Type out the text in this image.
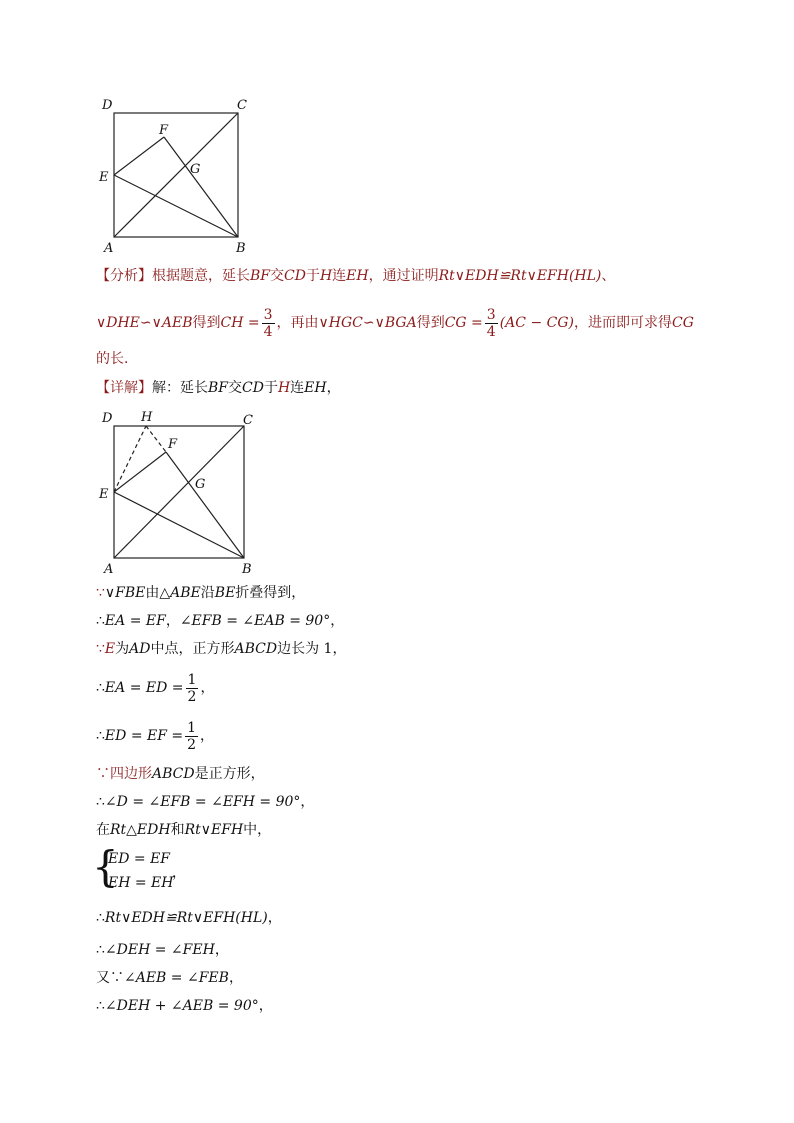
D	C
F
G
E
A	B
【分析】根据题意，延长BF交CD于H连EH，通过证明Rt∨EDH≌Rt∨EFH(HL)、
∨DHE∽∨AEB得到CH = $\frac{3}{4}$ ，再由∨HGC∽∨BGA得到CG = $\frac{3}{4} (AC - CG)$，进而即可求得CG
的长．
【详解】解：延长BF交CD于H连EH，
D H	C
F
G
E
A	B
∵∨FBE由△ABE沿BE折叠得到，
∴EA = EF，∠EFB = ∠EAB = 90°，
∵E为AD中点，正方形ABCD边长为 1，
∴EA = ED = $\frac{1}{2}$ ，
∴ED = EF = $\frac{1}{2}$ ，
∵四边形ABCD是正方形，
∴∠D = ∠EFB = ∠EFH = 90°，
在Rt△EDH和Rt∨EFH中，
{
ED = EF
EH = EH
，
∴Rt∨EDH≌Rt∨EFH(HL)，
∴∠DEH = ∠FEH，
又∵∠AEB = ∠FEB，
∴∠DEH + ∠AEB = 90°，
